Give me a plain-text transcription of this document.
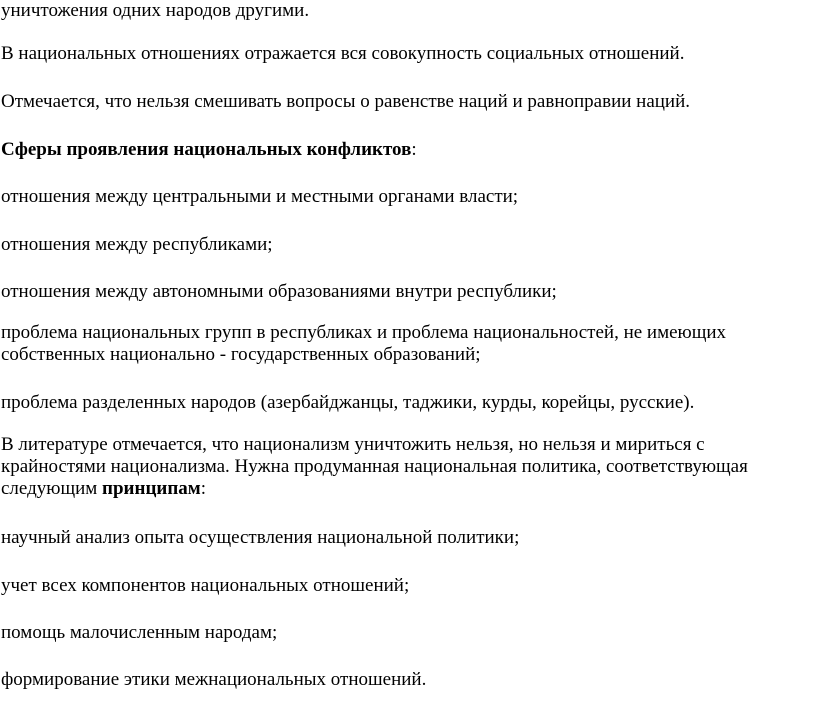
уничтожения одних народов другими.

В национальных отношениях отражается вся совокупность социальных отношений.

Отмечается, что нельзя смешивать вопросы о равенстве наций и равноправии наций.

Сферы проявления национальных конфликтов:

отношения между центральными и местными органами власти;

отношения между республиками;

отношения между автономными образованиями внутри республики;

проблема национальных групп в республиках и проблема национальностей, не имеющих
собственных национально - государственных образований;

проблема разделенных народов (азербайджанцы, таджики, курды, корейцы, русские).

В литературе отмечается, что национализм уничтожить нельзя, но нельзя и мириться с
крайностями национализма. Нужна продуманная национальная политика, соответствующая
следующим принципам:

научный анализ опыта осуществления национальной политики;

учет всех компонентов национальных отношений;

помощь малочисленным народам;

формирование этики межнациональных отношений.
